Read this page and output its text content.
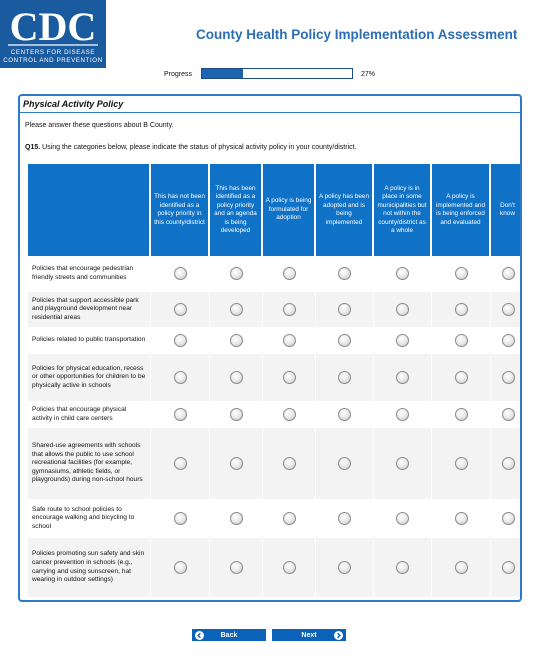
CDC
CENTERS FOR DISEASE
CONTROL AND PREVENTION
County Health Policy Implementation Assessment
Progress	27%
Physical Activity Policy
Please answer these questions about B County.
Q15. Using the categories below, please indicate the status of physical activity policy in your county/district.
	This has not been identified as a policy priority in this county/district	This has been identified as a policy priority and an agenda is being developed	A policy is being formulated for adoption	A policy has been adopted and is being implemented	A policy is in place in some municipalities but not within the county/district as a whole	A policy is implemented and is being enforced and evaluated	Don't know
Policies that encourage pedestrian friendly streets and communities							
Policies that support accessible park and playground development near residential areas							
Policies related to public transportation							
Policies for physical education, recess or other opportunities for children to be physically active in schools							
Policies that encourage physical activity in child care centers							
Shared-use agreements with schools that allows the public to use school recreational facilities (for example, gymnasiums, athletic fields, or playgrounds) during non-school hours							
Safe route to school policies to encourage walking and bicycling to school							
Policies promoting sun safety and skin cancer prevention in schools (e.g., carrying and using sunscreen, hat wearing in outdoor settings)							
Back	Next
